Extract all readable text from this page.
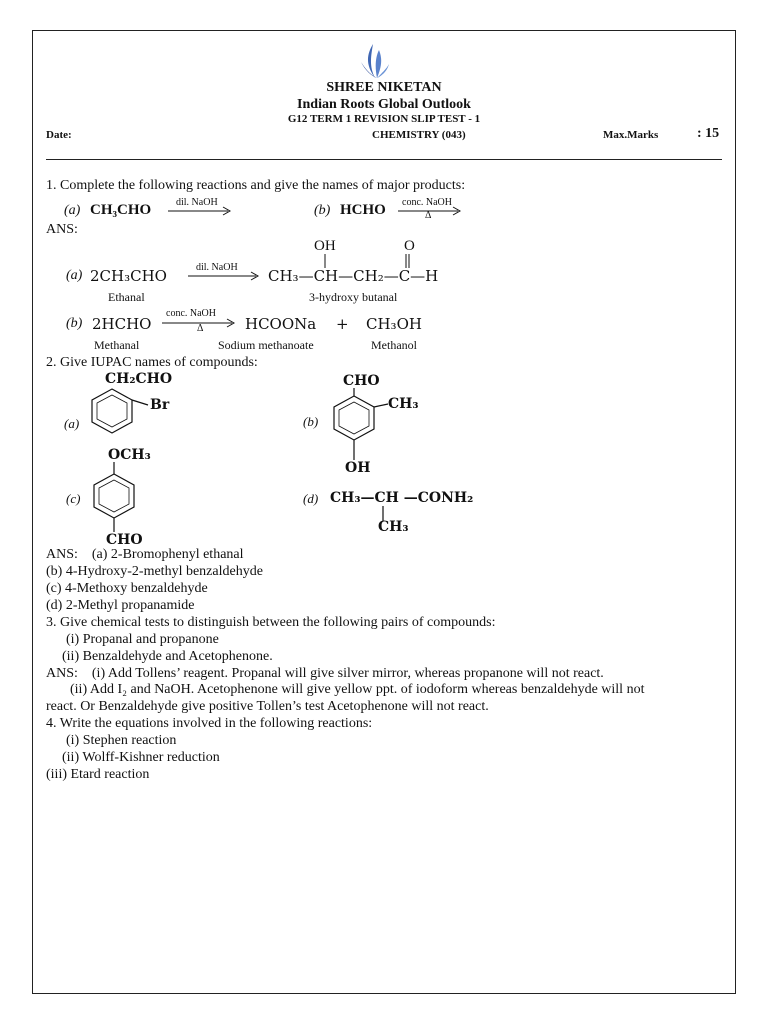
SHREE NIKETAN
Indian Roots Global Outlook
G12 TERM 1 REVISION SLIP TEST - 1
Date:	CHEMISTRY (043)	Max.Marks	: 15
1. Complete the following reactions and give the names of major products:
(a) CH₃CHO dil. NaOH
(b) HCHO conc. NaOH
Δ
ANS:
OH	O
(a) 2CH₃CHO	dil. NaOH CH₃—CH—CH₂—C—H
Ethanal	3-hydroxy butanal
(b) 2HCHO
conc. NaOH
Δ	HCOONa + CH₃OH
Methanal	Sodium methanoate	Methanol
2. Give IUPAC names of compounds:
CH₂CHO
Br
(a)
CHO
CH₃
OH
(b)
OCH₃
CHO
(c)	(d) CH₃—CH —CONH₂
CH₃
ANS:    (a) 2-Bromophenyl ethanal
(b) 4-Hydroxy-2-methyl benzaldehyde
(c) 4-Methoxy benzaldehyde
(d) 2-Methyl propanamide
3. Give chemical tests to distinguish between the following pairs of compounds:
(i) Propanal and propanone
(ii) Benzaldehyde and Acetophenone.
ANS:    (i) Add Tollens’ reagent. Propanal will give silver mirror, whereas propanone will not react.
(ii) Add I₂ and NaOH. Acetophenone will give yellow ppt. of iodoform whereas benzaldehyde will not
react. Or Benzaldehyde give positive Tollen’s test Acetophenone will not react.
4. Write the equations involved in the following reactions:
(i) Stephen reaction
(ii) Wolff-Kishner reduction
(iii) Etard reaction
